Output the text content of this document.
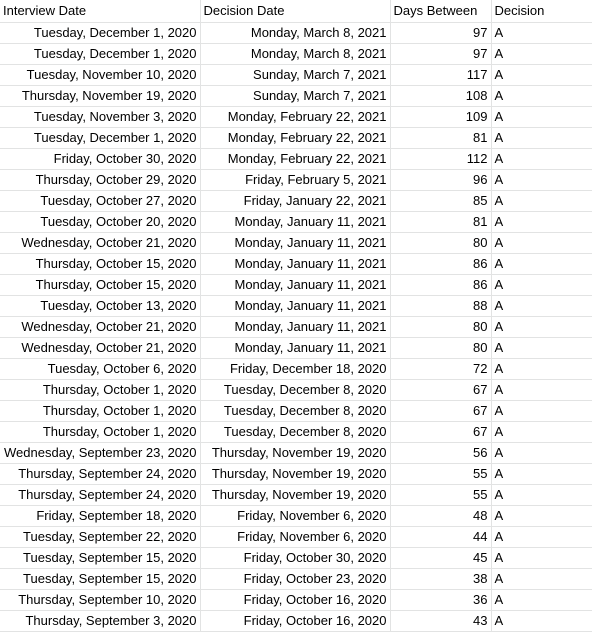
Interview Date	Decision Date	Days Between	Decision
Tuesday, December 1, 2020	Monday, March 8, 2021	97	A
Tuesday, December 1, 2020	Monday, March 8, 2021	97	A
Tuesday, November 10, 2020	Sunday, March 7, 2021	117	A
Thursday, November 19, 2020	Sunday, March 7, 2021	108	A
Tuesday, November 3, 2020	Monday, February 22, 2021	109	A
Tuesday, December 1, 2020	Monday, February 22, 2021	81	A
Friday, October 30, 2020	Monday, February 22, 2021	112	A
Thursday, October 29, 2020	Friday, February 5, 2021	96	A
Tuesday, October 27, 2020	Friday, January 22, 2021	85	A
Tuesday, October 20, 2020	Monday, January 11, 2021	81	A
Wednesday, October 21, 2020	Monday, January 11, 2021	80	A
Thursday, October 15, 2020	Monday, January 11, 2021	86	A
Thursday, October 15, 2020	Monday, January 11, 2021	86	A
Tuesday, October 13, 2020	Monday, January 11, 2021	88	A
Wednesday, October 21, 2020	Monday, January 11, 2021	80	A
Wednesday, October 21, 2020	Monday, January 11, 2021	80	A
Tuesday, October 6, 2020	Friday, December 18, 2020	72	A
Thursday, October 1, 2020	Tuesday, December 8, 2020	67	A
Thursday, October 1, 2020	Tuesday, December 8, 2020	67	A
Thursday, October 1, 2020	Tuesday, December 8, 2020	67	A
Wednesday, September 23, 2020	Thursday, November 19, 2020	56	A
Thursday, September 24, 2020	Thursday, November 19, 2020	55	A
Thursday, September 24, 2020	Thursday, November 19, 2020	55	A
Friday, September 18, 2020	Friday, November 6, 2020	48	A
Tuesday, September 22, 2020	Friday, November 6, 2020	44	A
Tuesday, September 15, 2020	Friday, October 30, 2020	45	A
Tuesday, September 15, 2020	Friday, October 23, 2020	38	A
Thursday, September 10, 2020	Friday, October 16, 2020	36	A
Thursday, September 3, 2020	Friday, October 16, 2020	43	A
